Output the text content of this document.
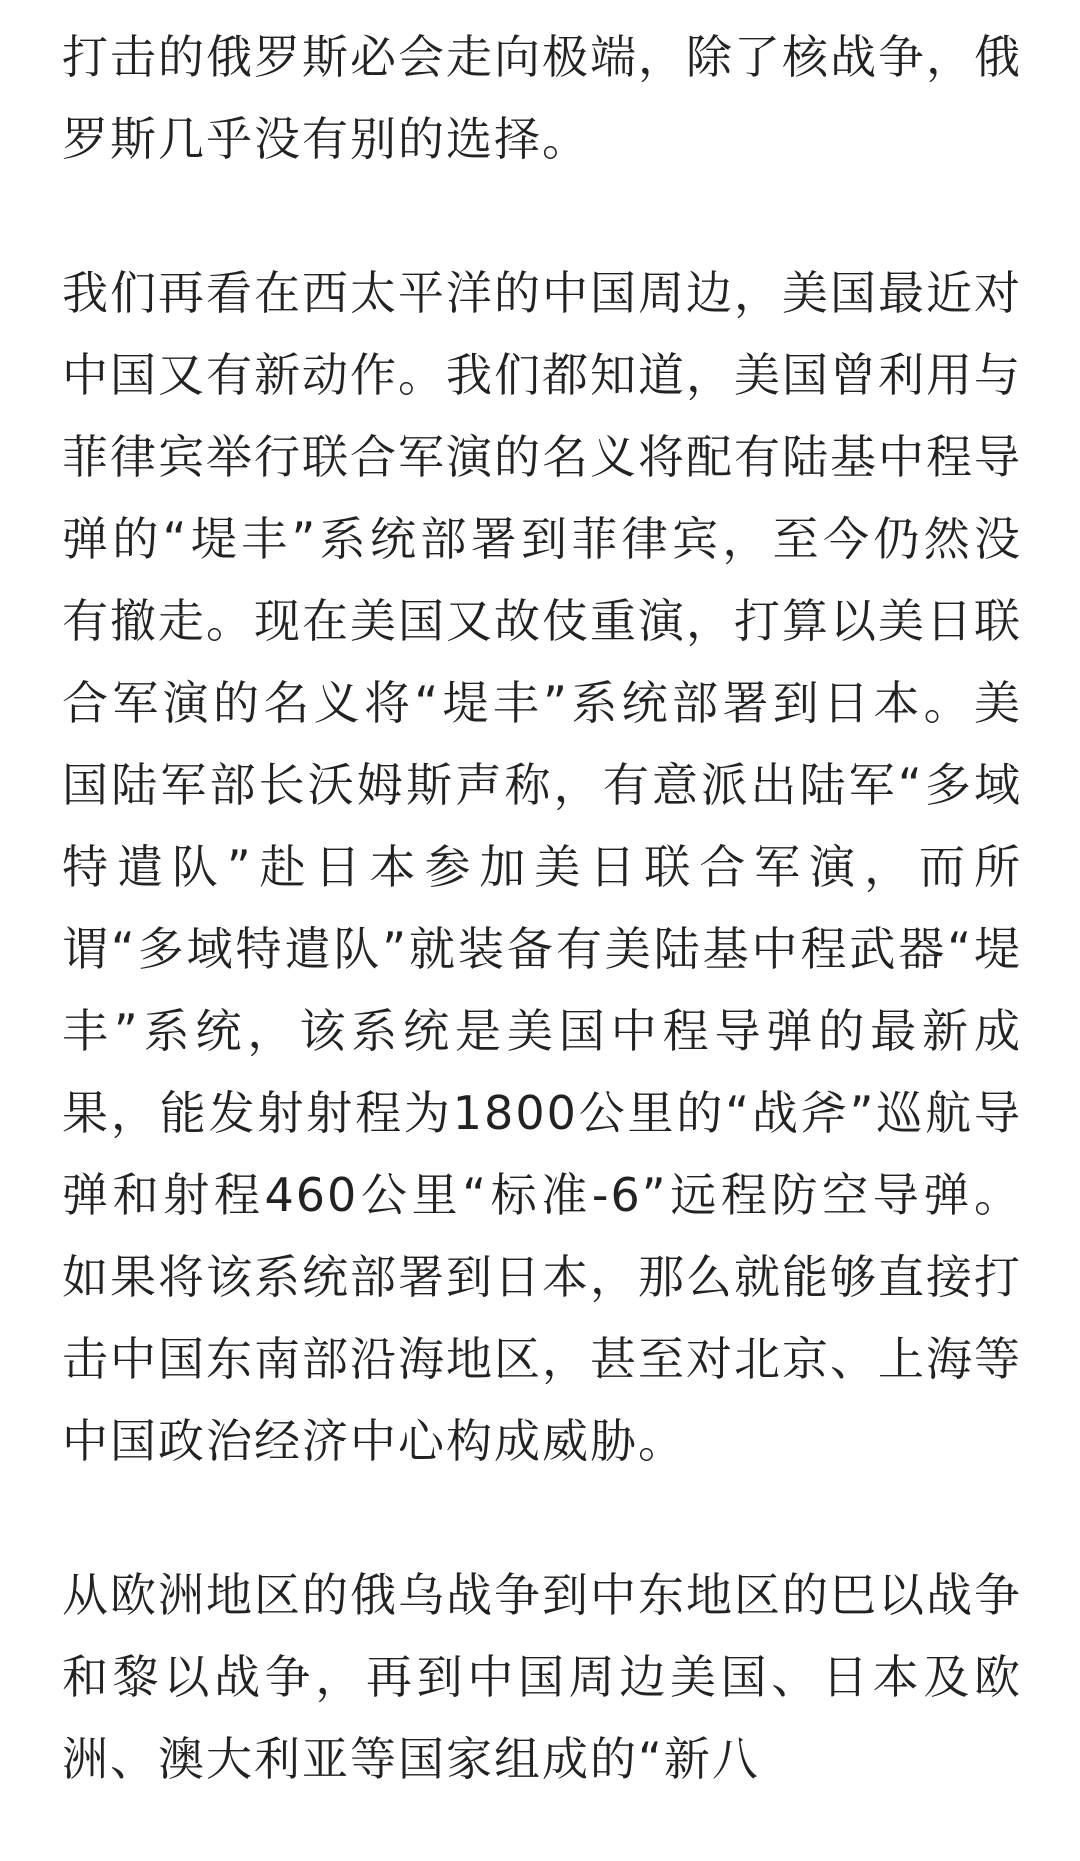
打击的俄罗斯必会走向极端，除了核战争，俄罗斯几乎没有别的选择。

我们再看在西太平洋的中国周边，美国最近对中国又有新动作。我们都知道，美国曾利用与菲律宾举行联合军演的名义将配有陆基中程导弹的“堤丰”系统部署到菲律宾，至今仍然没有撤走。现在美国又故伎重演，打算以美日联合军演的名义将“堤丰”系统部署到日本。美国陆军部长沃姆斯声称，有意派出陆军“多域特遣队”赴日本参加美日联合军演，而所谓“多域特遣队”就装备有美陆基中程武器“堤丰”系统，该系统是美国中程导弹的最新成果，能发射射程为1800公里的“战斧”巡航导弹和射程460公里“标准-6”远程防空导弹。如果将该系统部署到日本，那么就能够直接打击中国东南部沿海地区，甚至对北京、上海等中国政治经济中心构成威胁。

从欧洲地区的俄乌战争到中东地区的巴以战争和黎以战争，再到中国周边美国、日本及欧洲、澳大利亚等国家组成的“新八
